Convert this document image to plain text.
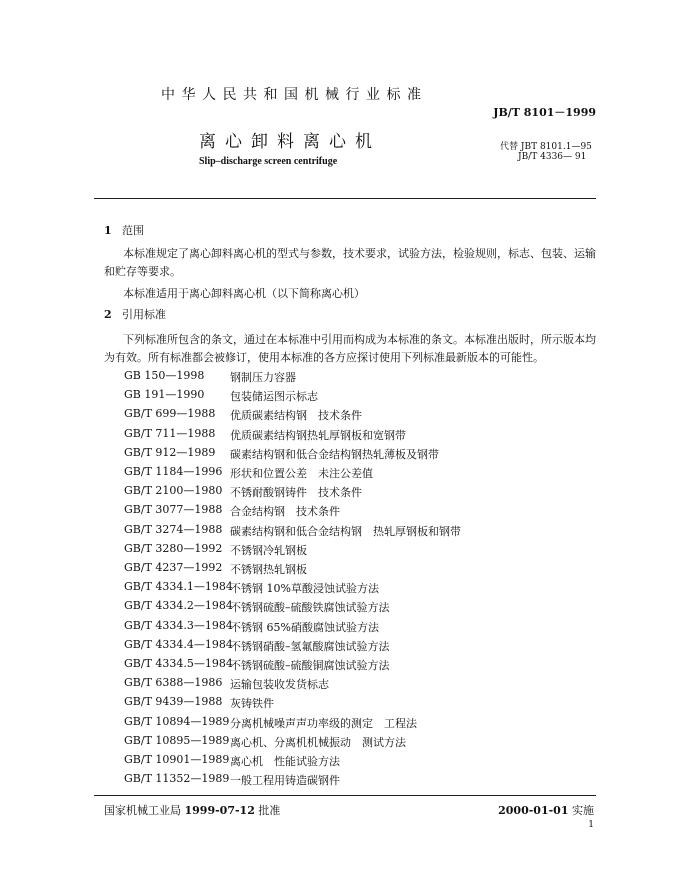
中华人民共和国机械行业标准
JB/T 8101－1999
离心卸料离心机	代替 JBT 8101.1—95
JB/T 4336— 91
Slip–discharge screen centrifuge
1 范围
本标准规定了离心卸料离心机的型式与参数，技术要求，试验方法，检验规则，标志、包装、运输
和贮存等要求。
本标准适用于离心卸料离心机（以下简称离心机）
2 引用标准
下列标准所包含的条文，通过在本标准中引用而构成为本标准的条文。本标准出版时，所示版本均
为有效。所有标准都会被修订，使用本标准的各方应探讨使用下列标准最新版本的可能性。
GB 150—1998 钢制压力容器
GB 191—1990 包装储运图示标志
GB/T 699—1988 优质碳素结构钢　技术条件
GB/T 711—1988 优质碳素结构钢热轧厚钢板和宽钢带
GB/T 912—1989 碳素结构钢和低合金结构钢热轧薄板及钢带
GB/T 1184—1996 形状和位置公差　未注公差值
GB/T 2100—1980 不锈耐酸钢铸件　技术条件
GB/T 3077—1988 合金结构钢　技术条件
GB/T 3274—1988 碳素结构钢和低合金结构钢　热轧厚钢板和钢带
GB/T 3280—1992 不锈钢冷轧钢板
GB/T 4237—1992 不锈钢热轧钢板
GB/T 4334.1—1984
不锈钢 10%草酸浸蚀试验方法
GB/T 4334.2—1984
不锈钢硫酸–硫酸铁腐蚀试验方法
GB/T 4334.3—1984
不锈钢 65%硝酸腐蚀试验方法
GB/T 4334.4—1984
不锈钢硝酸–氢氟酸腐蚀试验方法
GB/T 4334.5—1984
不锈钢硫酸–硫酸铜腐蚀试验方法
GB/T 6388—1986 运输包装收发货标志
GB/T 9439—1988 灰铸铁件
GB/T 10894—1989 分离机械噪声声功率级的测定　工程法
GB/T 10895—1989 离心机、分离机机械振动　测试方法
GB/T 10901—1989 离心机　性能试验方法
GB/T 11352—1989 一般工程用铸造碳钢件
国家机械工业局 1999-07-12 批准	2000-01-01 实施
1
